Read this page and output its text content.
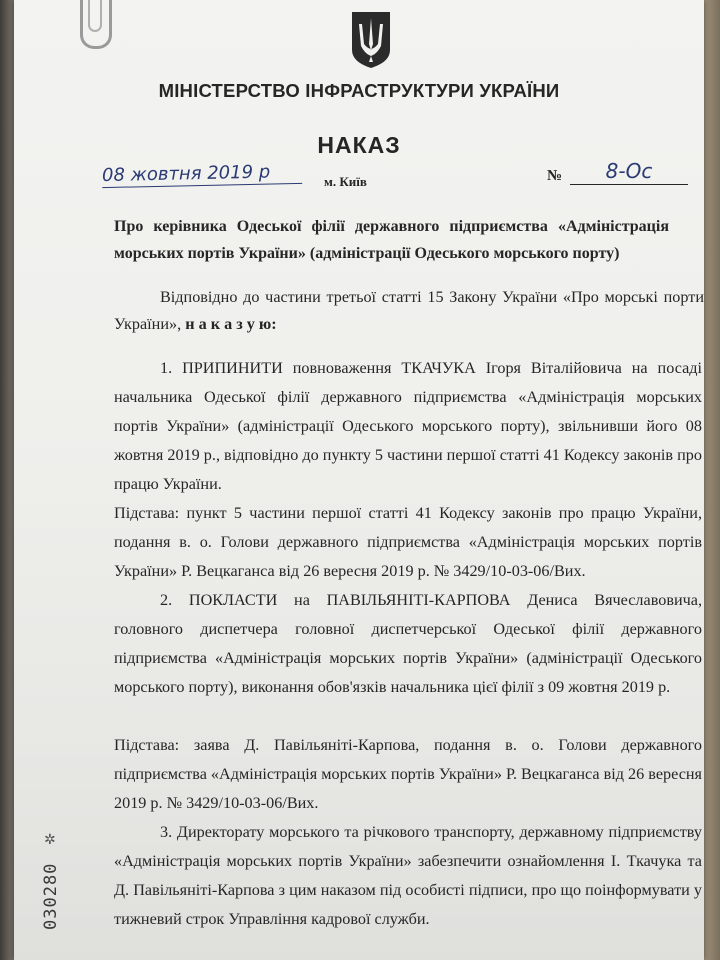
МІНІСТЕРСТВО ІНФРАСТРУКТУРИ УКРАЇНИ
НАКАЗ
08 жовтня 2019 р	м. Київ	№	8-Ос
Про керівника Одеської філії державного підприємства «Адміністрація морських портів України» (адміністрації Одеського морського порту)
Відповідно до частини третьої статті 15 Закону України «Про морські порти України», н а к а з у ю:
1. ПРИПИНИТИ повноваження ТКАЧУКА Ігоря Віталійовича на посаді начальника Одеської філії державного підприємства «Адміністрація морських портів України» (адміністрації Одеського морського порту), звільнивши його 08 жовтня 2019 р., відповідно до пункту 5 частини першої статті 41 Кодексу законів про працю України.
Підстава: пункт 5 частини першої статті 41 Кодексу законів про працю України, подання в. о. Голови державного підприємства «Адміністрація морських портів України» Р. Вецкаганса від 26 вересня 2019 р. № 3429/10-03-06/Вих.
2. ПОКЛАСТИ на ПАВІЛЬЯНІТІ-КАРПОВА Дениса Вячеславовича, головного диспетчера головної диспетчерської Одеської філії державного підприємства «Адміністрація морських портів України» (адміністрації Одеського морського порту), виконання обов'язків начальника цієї філії з 09 жовтня 2019 р.
Підстава: заява Д. Павільяніті-Карпова, подання в. о. Голови державного підприємства «Адміністрація морських портів України» Р. Вецкаганса від 26 вересня 2019 р. № 3429/10-03-06/Вих.
3. Директорату морського та річкового транспорту, державному підприємству «Адміністрація морських портів України» забезпечити ознайомлення І. Ткачука та Д. Павільяніті-Карпова з цим наказом під особисті підписи, про що поінформувати у тижневий строк Управління кадрової служби.
✲
030280
